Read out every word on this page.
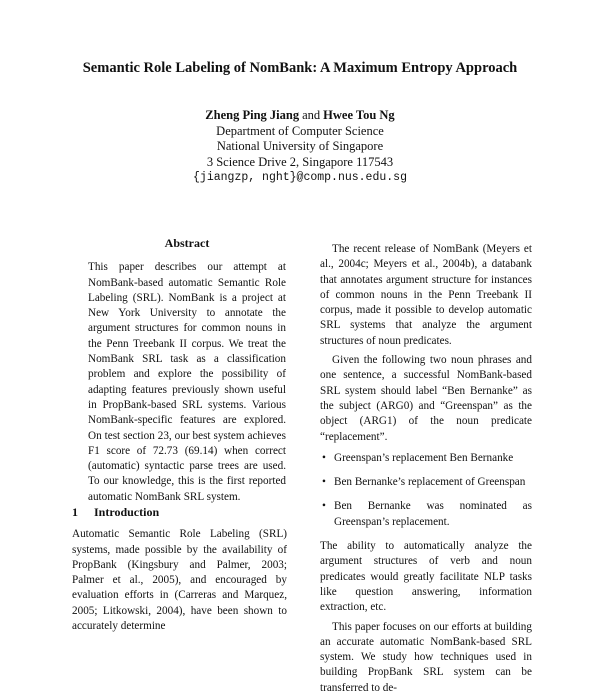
Semantic Role Labeling of NomBank: A Maximum Entropy Approach
Zheng Ping Jiang and Hwee Tou Ng
Department of Computer Science
National University of Singapore
3 Science Drive 2, Singapore 117543
{jiangzp, nght}@comp.nus.edu.sg
Abstract

This paper describes our attempt at NomBank-based automatic Semantic Role Labeling (SRL). NomBank is a project at New York University to annotate the argument structures for common nouns in the Penn Treebank II corpus. We treat the NomBank SRL task as a classification problem and explore the possibility of adapting features previously shown useful in PropBank-based SRL systems. Various NomBank-specific features are explored. On test section 23, our best system achieves F1 score of 72.73 (69.14) when correct (automatic) syntactic parse trees are used. To our knowledge, this is the first reported automatic NomBank SRL system.

1 Introduction

Automatic Semantic Role Labeling (SRL) systems, made possible by the availability of PropBank (Kingsbury and Palmer, 2003; Palmer et al., 2005), and encouraged by evaluation efforts in (Carreras and Marquez, 2005; Litkowski, 2004), have been shown to accurately determine

The recent release of NomBank (Meyers et al., 2004c; Meyers et al., 2004b), a databank that annotates argument structure for instances of common nouns in the Penn Treebank II corpus, made it possible to develop automatic SRL systems that analyze the argument structures of noun predicates.

Given the following two noun phrases and one sentence, a successful NomBank-based SRL system should label “Ben Bernanke” as the subject (ARG0) and “Greenspan” as the object (ARG1) of the noun predicate “replacement”.

• Greenspan’s replacement Ben Bernanke
• Ben Bernanke’s replacement of Greenspan
• Ben Bernanke was nominated as Greenspan’s replacement.

The ability to automatically analyze the argument structures of verb and noun predicates would greatly facilitate NLP tasks like question answering, information extraction, etc.

This paper focuses on our efforts at building an accurate automatic NomBank-based SRL system. We study how techniques used in building PropBank SRL system can be transferred to de-
